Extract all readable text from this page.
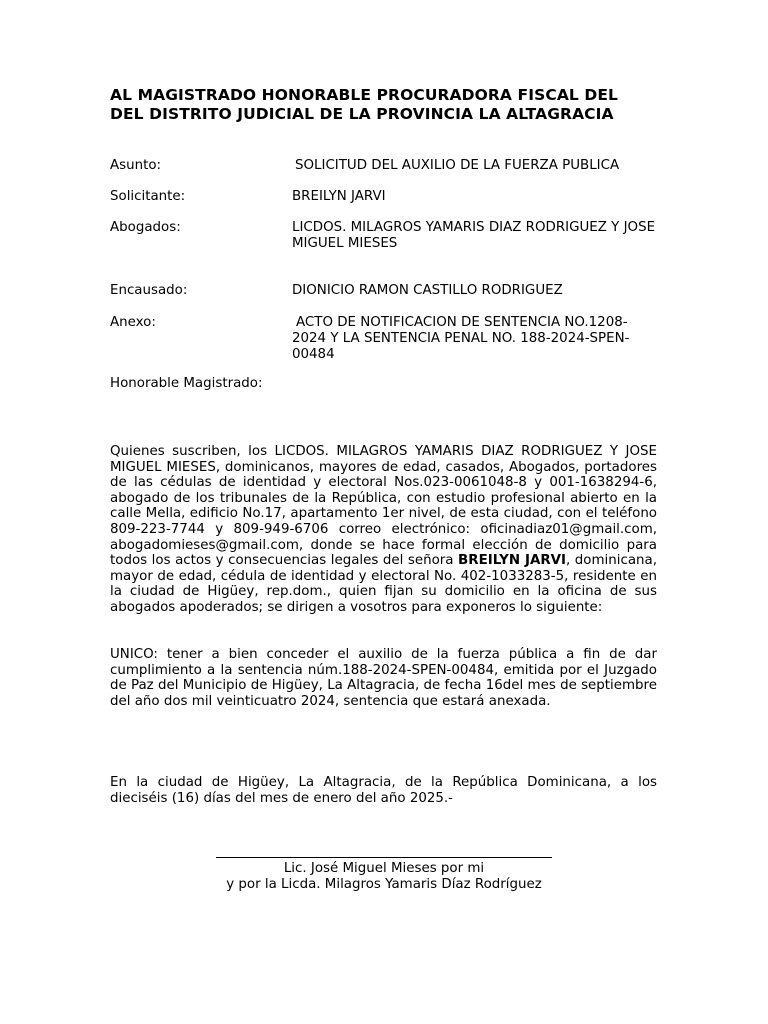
AL MAGISTRADO HONORABLE PROCURADORA FISCAL DEL
DEL DISTRITO JUDICIAL DE LA PROVINCIA LA ALTAGRACIA
Asunto:	SOLICITUD DEL AUXILIO DE LA FUERZA PUBLICA
Solicitante:	BREILYN JARVI
Abogados:	LICDOS. MILAGROS YAMARIS DIAZ RODRIGUEZ Y JOSE MIGUEL MIESES
Encausado:	DIONICIO RAMON CASTILLO RODRIGUEZ
Anexo:	ACTO DE NOTIFICACION DE SENTENCIA NO.1208-2024 Y LA SENTENCIA PENAL NO. 188-2024-SPEN-00484
Honorable Magistrado:

Quienes suscriben, los LICDOS. MILAGROS YAMARIS DIAZ RODRIGUEZ Y JOSE MIGUEL MIESES, dominicanos, mayores de edad, casados, Abogados, portadores de las cédulas de identidad y electoral Nos.023-0061048-8 y 001-1638294-6, abogado de los tribunales de la República, con estudio profesional abierto en la calle Mella, edificio No.17, apartamento 1er nivel, de esta ciudad, con el teléfono 809-223-7744 y 809-949-6706 correo electrónico: oficinadiaz01@gmail.com, abogadomieses@gmail.com, donde se hace formal elección de domicilio para todos los actos y consecuencias legales del señora BREILYN JARVI, dominicana, mayor de edad, cédula de identidad y electoral No. 402-1033283-5, residente en la ciudad de Higüey, rep.dom., quien fijan su domicilio en la oficina de sus abogados apoderados; se dirigen a vosotros para exponeros lo siguiente:

UNICO: tener a bien conceder el auxilio de la fuerza pública a fin de dar cumplimiento a la sentencia núm.188-2024-SPEN-00484, emitida por el Juzgado de Paz del Municipio de Higüey, La Altagracia, de fecha 16del mes de septiembre del año dos mil veinticuatro 2024, sentencia que estará anexada.

En la ciudad de Higüey, La Altagracia, de la República Dominicana, a los dieciséis (16) días del mes de enero del año 2025.-

Lic. José Miguel Mieses por mi
y por la Licda. Milagros Yamaris Díaz Rodríguez
